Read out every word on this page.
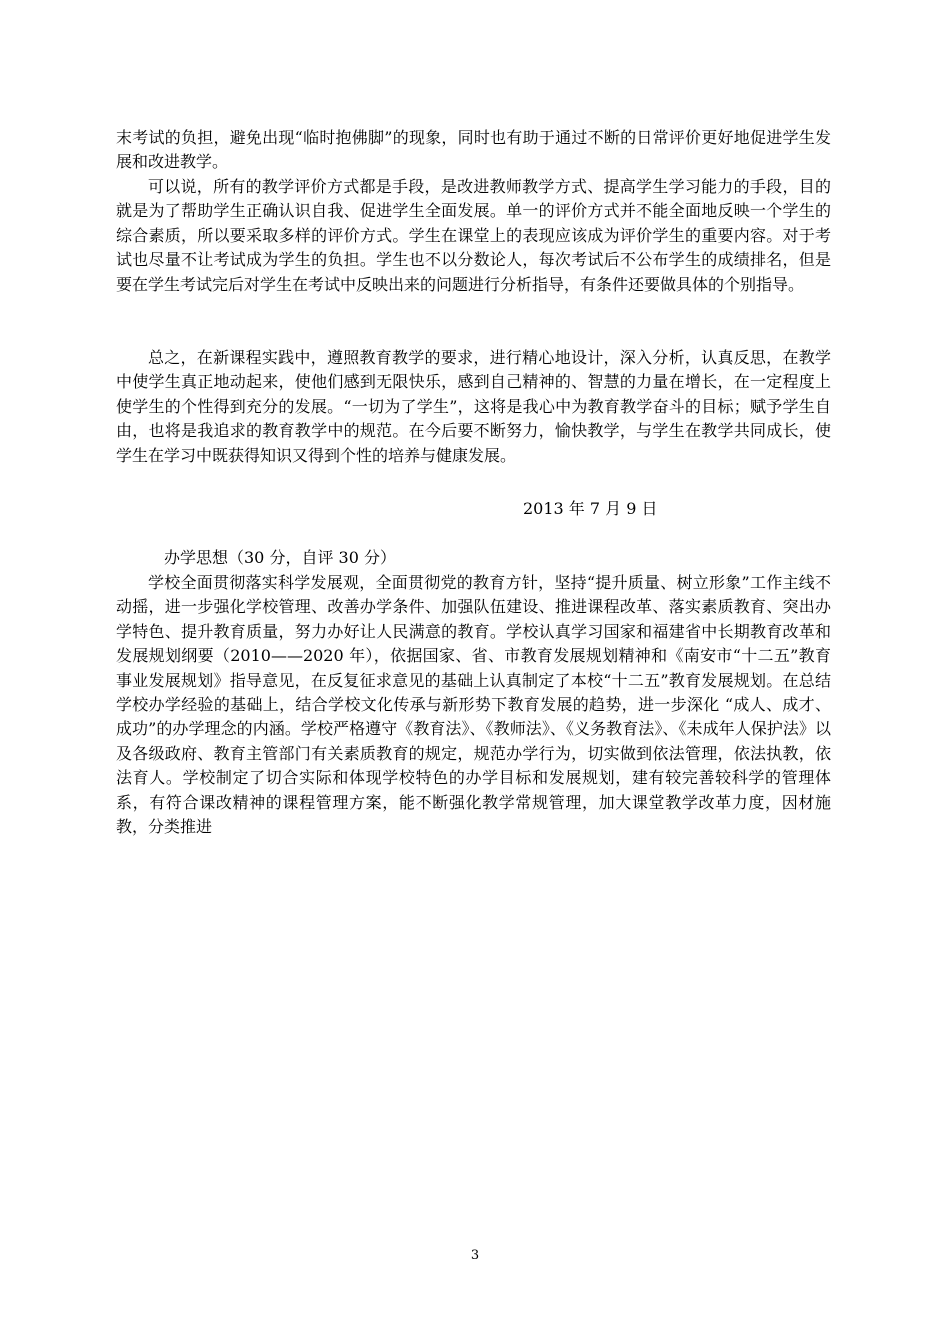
末考试的负担，避免出现“临时抱佛脚”的现象，同时也有助于通过不断的日常评价更好地促进学生发展和改进教学。

可以说，所有的教学评价方式都是手段，是改进教师教学方式、提高学生学习能力的手段，目的就是为了帮助学生正确认识自我、促进学生全面发展。单一的评价方式并不能全面地反映一个学生的综合素质，所以要采取多样的评价方式。学生在课堂上的表现应该成为评价学生的重要内容。对于考试也尽量不让考试成为学生的负担。学生也不以分数论人，每次考试后不公布学生的成绩排名，但是要在学生考试完后对学生在考试中反映出来的问题进行分析指导，有条件还要做具体的个别指导。

总之，在新课程实践中，遵照教育教学的要求，进行精心地设计，深入分析，认真反思，在教学中使学生真正地动起来，使他们感到无限快乐，感到自己精神的、智慧的力量在增长，在一定程度上使学生的个性得到充分的发展。“一切为了学生”，这将是我心中为教育教学奋斗的目标；赋予学生自由，也将是我追求的教育教学中的规范。在今后要不断努力，愉快教学，与学生在教学共同成长，使学生在学习中既获得知识又得到个性的培养与健康发展。

2013 年 7 月 9 日

办学思想（30 分，自评 30 分）

学校全面贯彻落实科学发展观，全面贯彻党的教育方针，坚持“提升质量、树立形象”工作主线不动摇，进一步强化学校管理、改善办学条件、加强队伍建设、推进课程改革、落实素质教育、突出办学特色、提升教育质量，努力办好让人民满意的教育。学校认真学习国家和福建省中长期教育改革和发展规划纲要（2010——2020 年），依据国家、省、市教育发展规划精神和《南安市“十二五”教育事业发展规划》指导意见，在反复征求意见的基础上认真制定了本校“十二五”教育发展规划。在总结学校办学经验的基础上，结合学校文化传承与新形势下教育发展的趋势，进一步深化 “成人、成才、成功”的办学理念的内涵。学校严格遵守《教育法》、《教师法》、《义务教育法》、《未成年人保护法》以及各级政府、教育主管部门有关素质教育的规定，规范办学行为，切实做到依法管理，依法执教，依法育人。学校制定了切合实际和体现学校特色的办学目标和发展规划，建有较完善较科学的管理体系，有符合课改精神的课程管理方案，能不断强化教学常规管理，加大课堂教学改革力度，因材施教，分类推进

3
